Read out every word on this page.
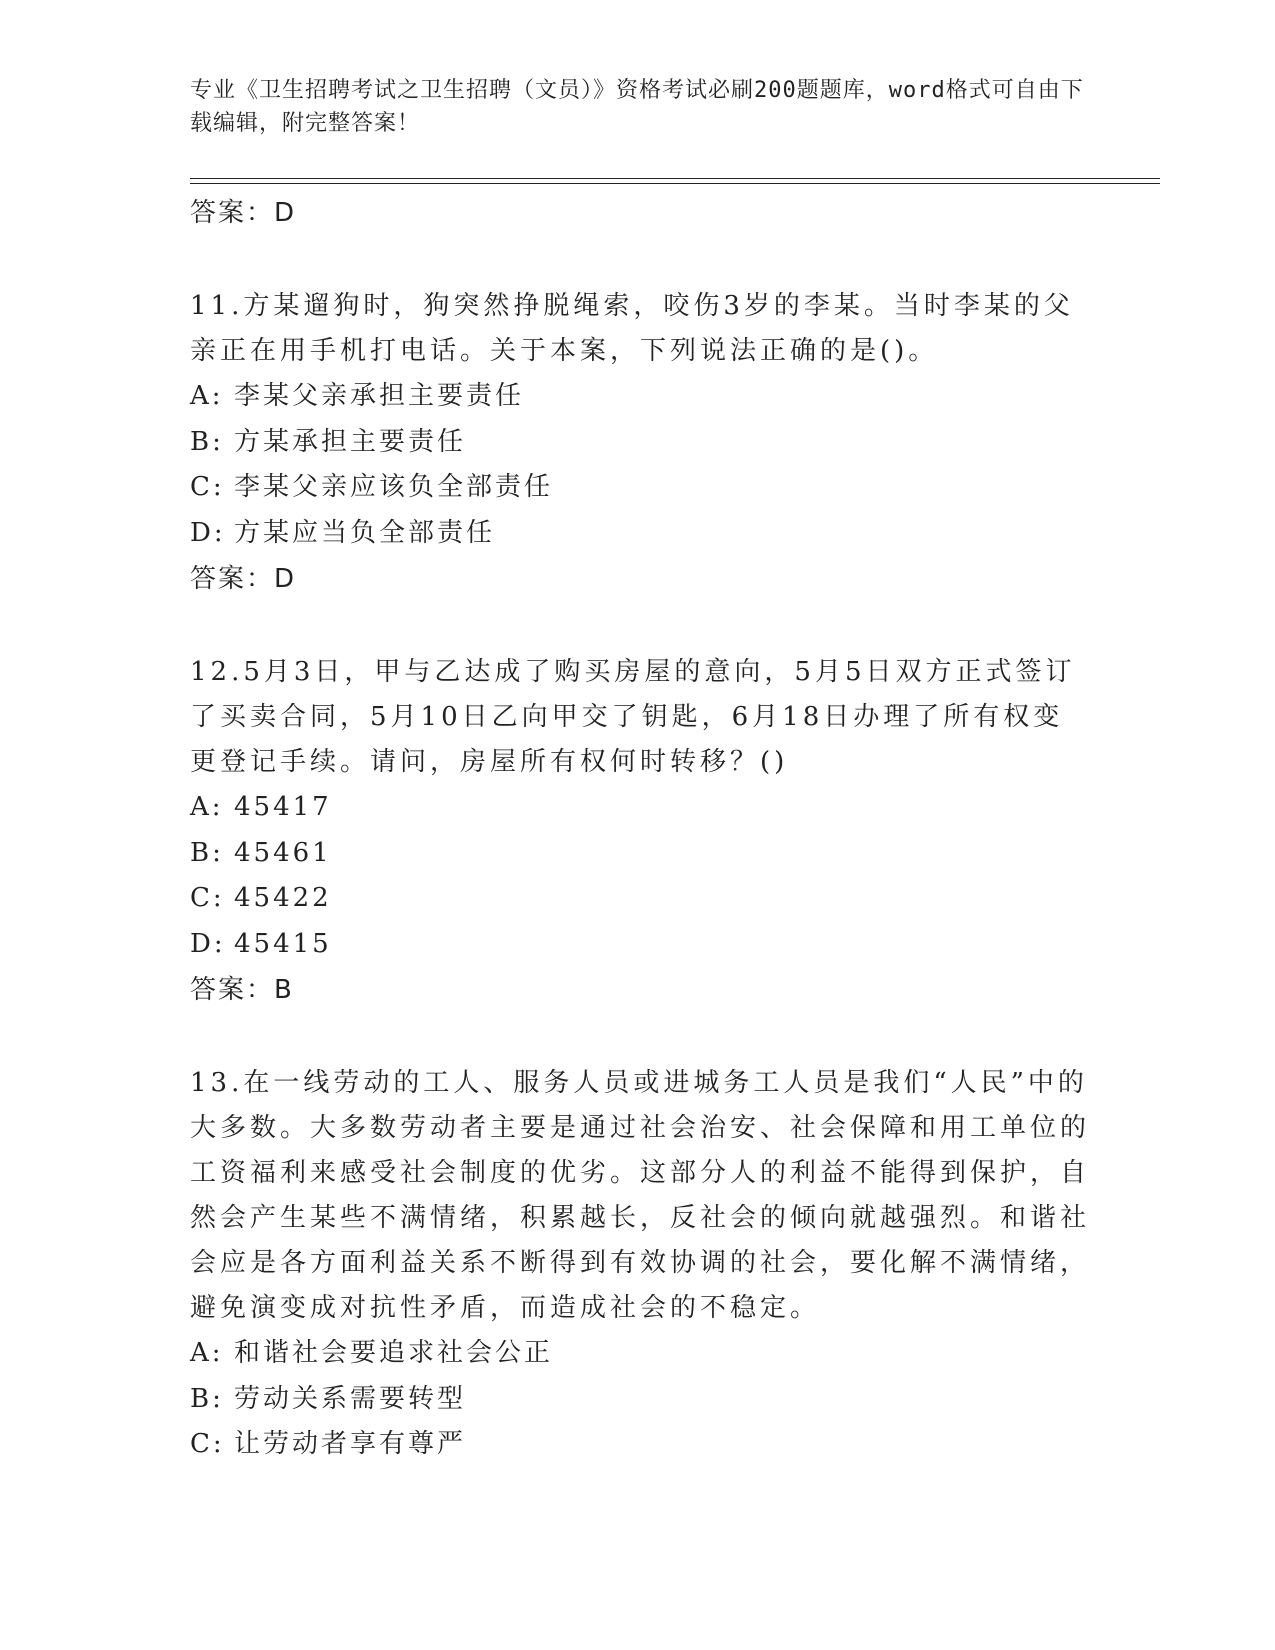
专业《卫生招聘考试之卫生招聘（文员）》资格考试必刷200题题库，word格式可自由下载编辑，附完整答案！

答案：D

11.方某遛狗时，狗突然挣脱绳索，咬伤3岁的李某。当时李某的父亲正在用手机打电话。关于本案，下列说法正确的是()。

A: 李某父亲承担主要责任

B: 方某承担主要责任

C: 李某父亲应该负全部责任

D: 方某应当负全部责任

答案：D

12.5月3日，甲与乙达成了购买房屋的意向，5月5日双方正式签订了买卖合同，5月10日乙向甲交了钥匙，6月18日办理了所有权变更登记手续。请问，房屋所有权何时转移？()

A: 45417

B: 45461

C: 45422

D: 45415

答案：B

13.在一线劳动的工人、服务人员或进城务工人员是我们“人民”中的大多数。大多数劳动者主要是通过社会治安、社会保障和用工单位的工资福利来感受社会制度的优劣。这部分人的利益不能得到保护，自然会产生某些不满情绪，积累越长，反社会的倾向就越强烈。和谐社会应是各方面利益关系不断得到有效协调的社会，要化解不满情绪，避免演变成对抗性矛盾，而造成社会的不稳定。

A: 和谐社会要追求社会公正

B: 劳动关系需要转型

C: 让劳动者享有尊严
